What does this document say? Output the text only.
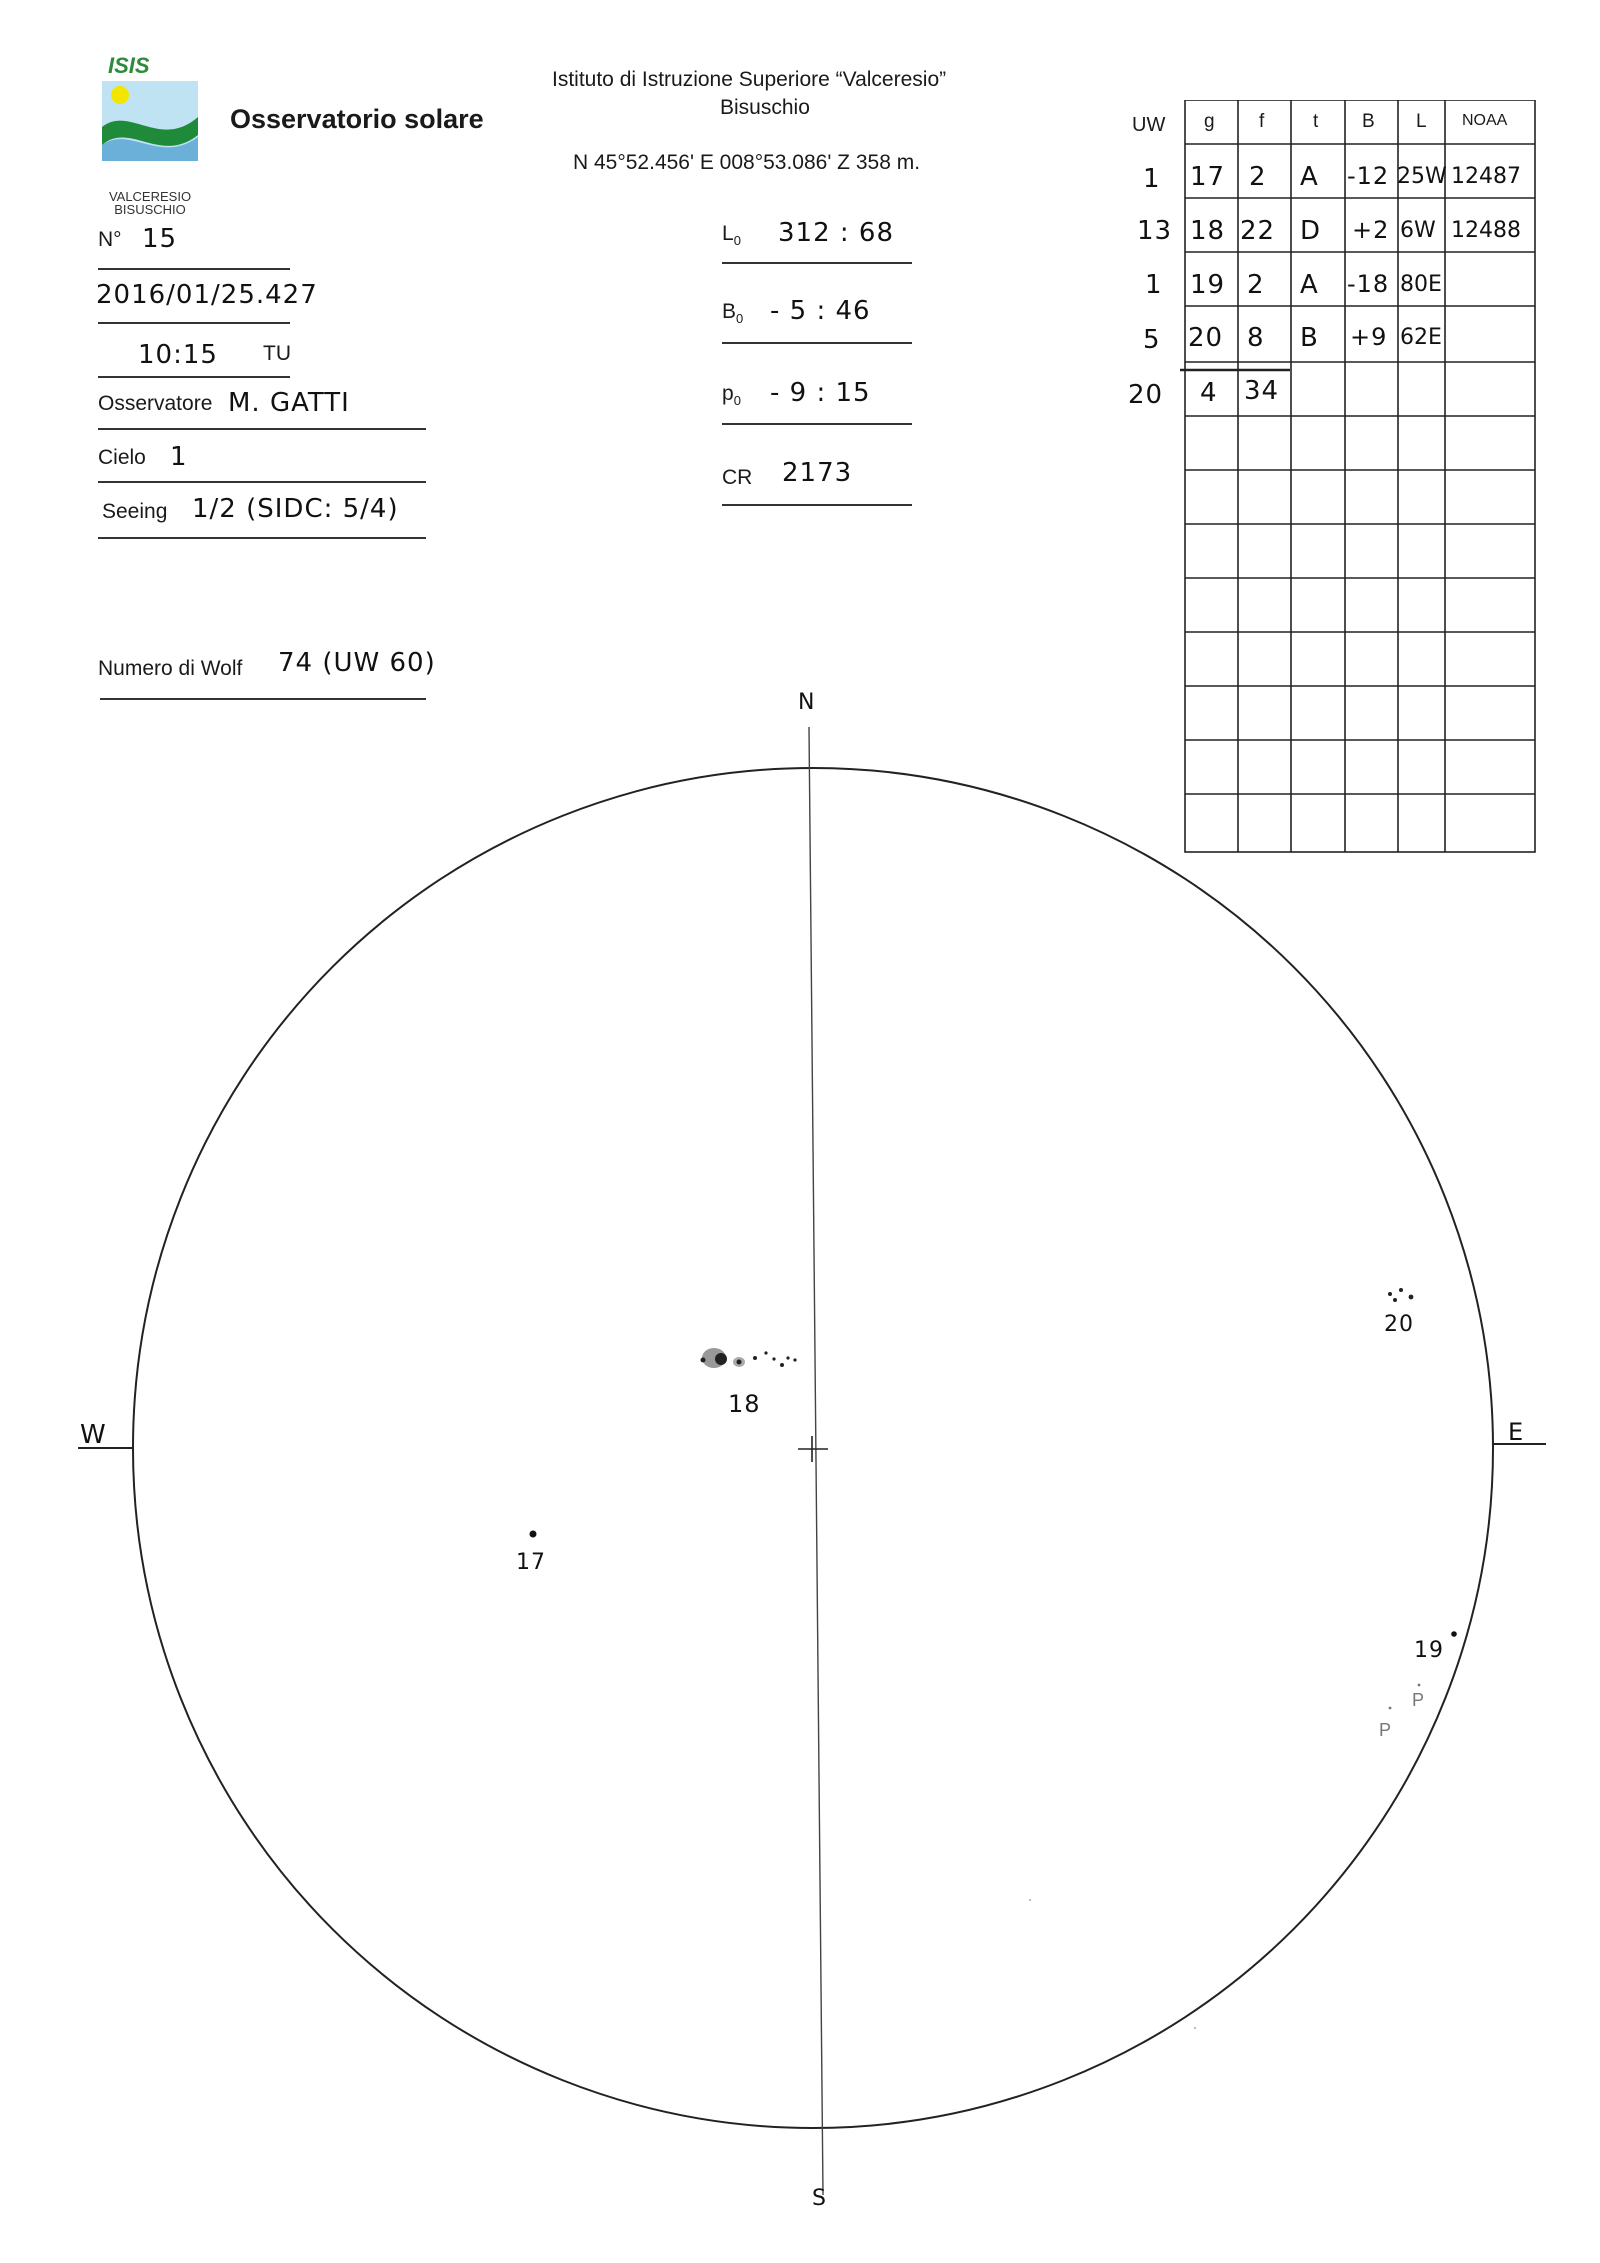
ISIS
VALCERESIO BISUSCHIO
Osservatorio solare
Istituto di Istruzione Superiore “Valceresio”
Bisuschio
N 45°52.456' E 008°53.086' Z 358 m.
N° 15
2016/01/25.427
10:15 TU
Osservatore M. GATTI
Cielo 1
Seeing 1/2 (SIDC: 5/4)
Numero di Wolf 74 (UW 60)
$L_0$ 312 : 68
$B_0 - 5$ : 46
$p_0 - 9$ : 15
CR 2173
UW g f	t B L NOAA
1 17 2 A -12 25W 12487
13 18 22 D +2 6W 12488
1 19 2 A -18 80E
5 20 8 B +9 62E
20 4 34
N
S
W	E
18
17
20
19
P
P
